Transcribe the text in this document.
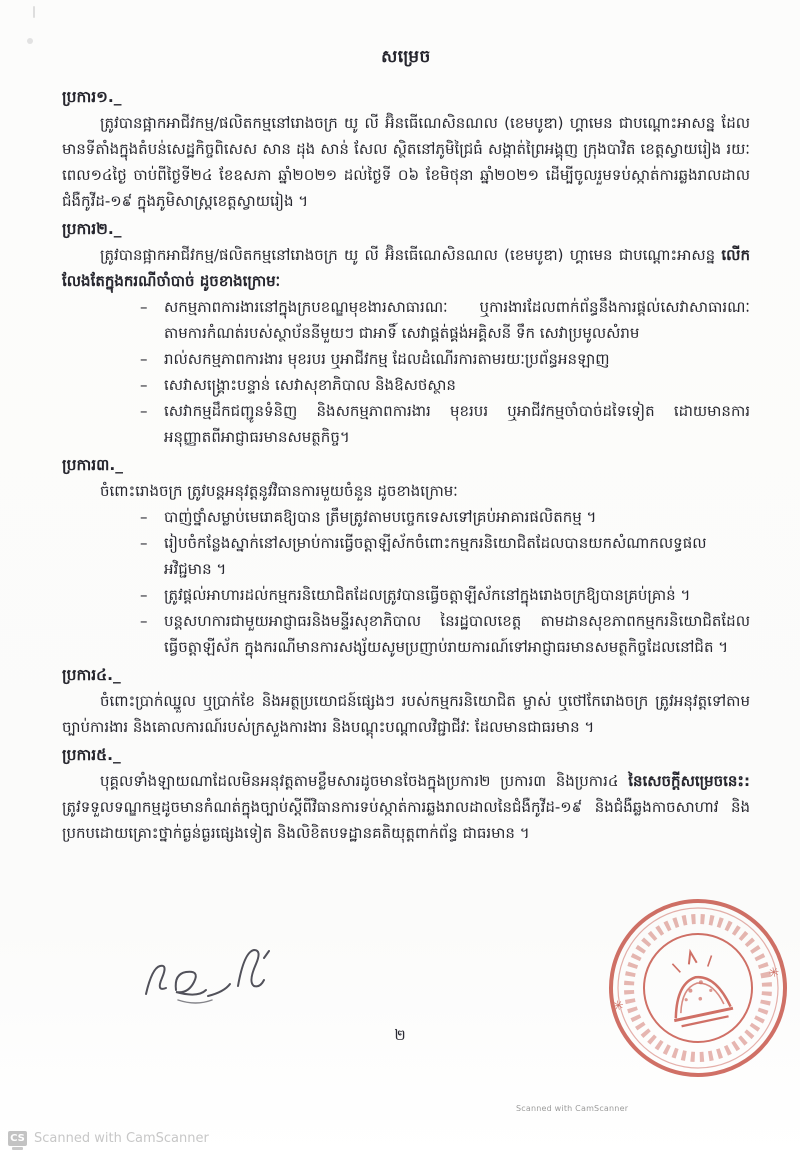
សម្រេច
ប្រការ១._

ត្រូវបានផ្អាកអាជីវកម្ម/ផលិតកម្មនៅរោងចក្រ យូ លី អ៊ិនធើណេសិនណល (ខេមបូឌា) ហ្គាមេន ជាបណ្ដោះអាសន្ន ដែលមានទីតាំងក្នុងតំបន់សេដ្ឋកិច្ចពិសេស សាន ដុង សាន់ សែល ស្ថិតនៅភូមិជ្រៃធំ សង្កាត់ព្រៃអង្គុញ ក្រុងបាវិត ខេត្តស្វាយរៀង រយៈពេល១៤ថ្ងៃ ចាប់ពីថ្ងៃទី២៤ ខែឧសភា ឆ្នាំ២០២១ ដល់ថ្ងៃទី ០៦ ខែមិថុនា ឆ្នាំ២០២១ ដើម្បីចូលរួមទប់ស្កាត់ការឆ្លងរាលដាលជំងឺកូវីដ-១៩ ក្នុងភូមិសាស្ត្រខេត្តស្វាយរៀង ។

ប្រការ២._

ត្រូវបានផ្អាកអាជីវកម្ម/ផលិតកម្មនៅរោងចក្រ យូ លី អ៊ិនធើណេសិនណល (ខេមបូឌា) ហ្គាមេន ជាបណ្ដោះអាសន្ន លើកលែងតែក្នុងករណីចាំបាច់ ដូចខាងក្រោមៈ

–	សកម្មភាពការងារនៅក្នុងក្របខណ្ឌមុខងារសាធារណៈ ឬការងារដែលពាក់ព័ន្ធនឹងការផ្ដល់សេវាសាធារណៈ តាមការកំណត់របស់ស្ថាប័ននីមួយៗ ជាអាទិ៍ សេវាផ្គត់ផ្គង់អគ្គិសនី ទឹក សេវាប្រមូលសំរាម
–	រាល់សកម្មភាពការងារ មុខរបរ ឬអាជីវកម្ម ដែលដំណើរការតាមរយៈប្រព័ន្ធអនឡាញ
–	សេវាសង្គ្រោះបន្ទាន់ សេវាសុខាភិបាល និងឱសថស្ថាន
–	សេវាកម្មដឹកជញ្ជូនទំនិញ និងសកម្មភាពការងារ មុខរបរ ឬអាជីវកម្មចាំបាច់ដទៃទៀត ដោយមានការអនុញ្ញាតពីអាជ្ញាធរមានសមត្ថកិច្ច។
ប្រការ៣._

ចំពោះរោងចក្រ ត្រូវបន្តអនុវត្តនូវវិធានការមួយចំនួន ដូចខាងក្រោមៈ

–	បាញ់ថ្នាំសម្លាប់មេរោគឱ្យបាន ត្រឹមត្រូវតាមបច្ចេកទេសទៅគ្រប់អាគារផលិតកម្ម ។
–	រៀបចំកន្លែងស្នាក់នៅសម្រាប់ការធ្វើចត្តាឡីស័កចំពោះកម្មករនិយោជិតដែលបានយកសំណាកលទ្ធផលអវិជ្ជមាន ។
–	ត្រូវផ្ដល់អាហារដល់កម្មករនិយោជិតដែលត្រូវបានធ្វើចត្តាឡីស័កនៅក្នុងរោងចក្រឱ្យបានគ្រប់គ្រាន់ ។
–	បន្តសហការជាមួយអាជ្ញាធរនិងមន្ទីរសុខាភិបាល នៃរដ្ឋបាលខេត្ត តាមដានសុខភាពកម្មករនិយោជិតដែលធ្វើចត្តាឡីស័ក ក្នុងករណីមានការសង្ស័យសូមប្រញាប់រាយការណ៍ទៅអាជ្ញាធរមានសមត្ថកិច្ចដែលនៅជិត ។
ប្រការ៤._

ចំពោះប្រាក់ឈ្នួល ឬប្រាក់ខែ និងអត្ថប្រយោជន៍ផ្សេងៗ របស់កម្មករនិយោជិត ម្ចាស់ ឬថៅកែរោងចក្រ ត្រូវអនុវត្តទៅតាមច្បាប់ការងារ និងគោលការណ៍របស់ក្រសួងការងារ និងបណ្ដុះបណ្ដាលវិជ្ជាជីវៈ ដែលមានជាធរមាន ។

ប្រការ៥._

បុគ្គលទាំងឡាយណាដែលមិនអនុវត្តតាមខ្លឹមសារដូចមានចែងក្នុងប្រការ២ ប្រការ៣ និងប្រការ៤ នៃសេចក្ដីសម្រេចនេះ: ត្រូវទទួលទណ្ឌកម្មដូចមានកំណត់ក្នុងច្បាប់ស្ដីពីវិធានការទប់ស្កាត់ការឆ្លងរាលដាលនៃជំងឺកូវីដ-១៩ និងជំងឺឆ្លងកាចសាហាវ និងប្រកបដោយគ្រោះថ្នាក់ធ្ងន់ធ្ងរផ្សេងទៀត និងលិខិតបទដ្ឋានគតិយុត្តពាក់ព័ន្ធ ជាធរមាន ។

✳
✳
២
Scanned with CamScanner
CS Scanned with CamScanner
